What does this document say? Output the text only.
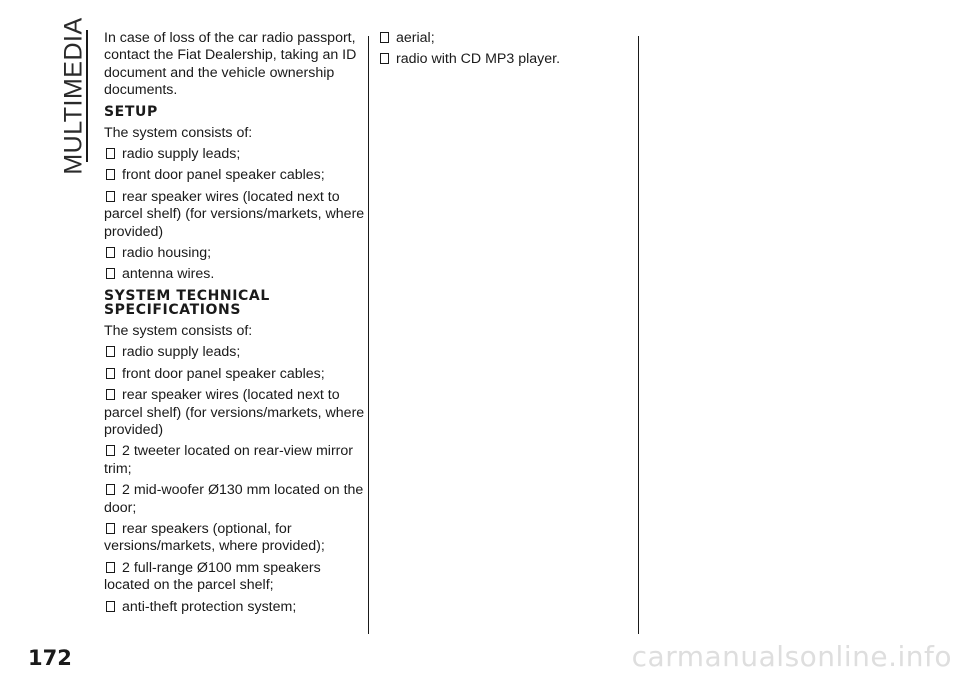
MULTIMEDIA In case of loss of the car radio passport, contact the Fiat Dealership, taking an ID document and the vehicle ownership documents.

SETUP

The system consists of:

radio supply leads;
front door panel speaker cables;
rear speaker wires (located next to parcel shelf) (for versions/markets, where provided)
radio housing;
antenna wires.
SYSTEM TECHNICAL SPECIFICATIONS

The system consists of:

radio supply leads;
front door panel speaker cables;
rear speaker wires (located next to parcel shelf) (for versions/markets, where provided)
2 tweeter located on rear-view mirror trim;
2 mid-woofer Ø130 mm located on the door;
rear speakers (optional, for versions/markets, where provided);
2 full-range Ø100 mm speakers located on the parcel shelf;
anti-theft protection system;
aerial;
radio with CD MP3 player.
172	carmanualsonline.info
